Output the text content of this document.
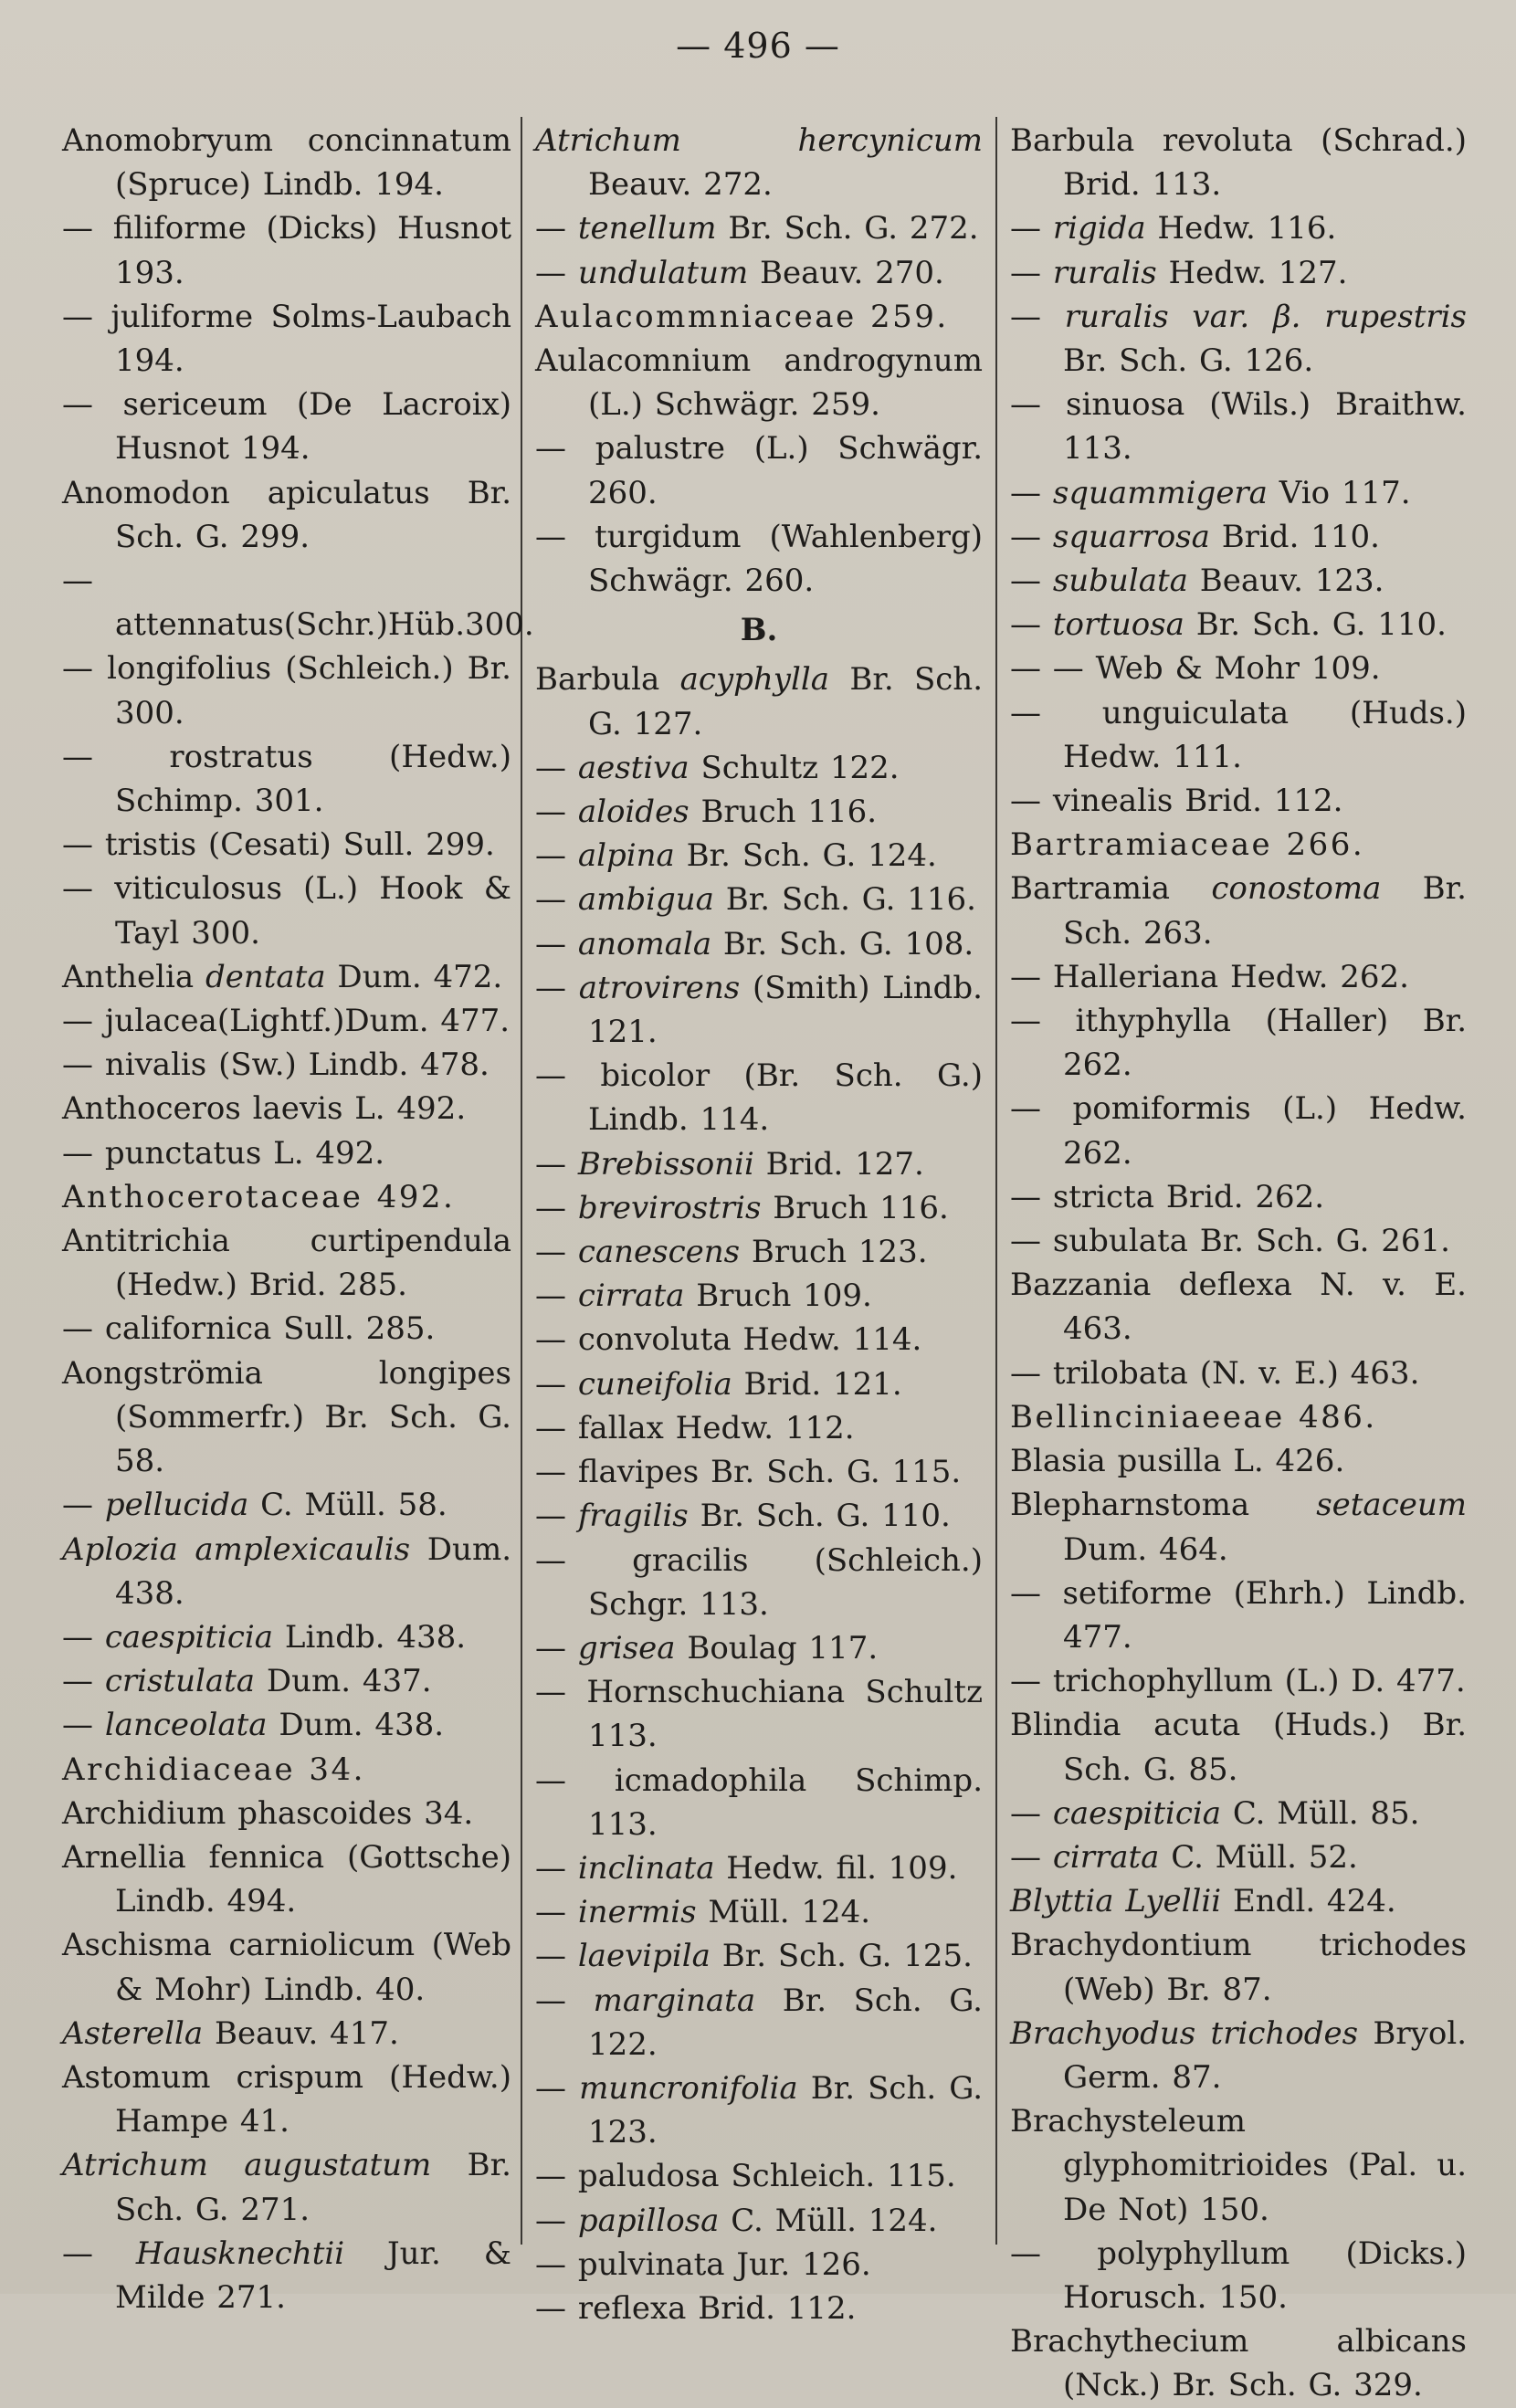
— 496 —
Anomobryum concinnatum (Spruce) Lindb. 194.
— filiforme (Dicks) Husnot 193.
— juliforme Solms-Laubach 194.
— sericeum (De Lacroix) Husnot 194.
Anomodon apiculatus Br. Sch. G. 299.
— attennatus(Schr.)Hüb.300.
— longifolius (Schleich.) Br. 300.
— rostratus (Hedw.) Schimp. 301.
— tristis (Cesati) Sull. 299.
— viticulosus (L.) Hook & Tayl 300.
Anthelia dentata Dum. 472.
— julacea(Lightf.)Dum. 477.
— nivalis (Sw.) Lindb. 478.
Anthoceros laevis L. 492.
— punctatus L. 492.
Anthocerotaceae 492.
Antitrichia curtipendula (Hedw.) Brid. 285.
— californica Sull. 285.
Aongströmia longipes (Sommerfr.) Br. Sch. G. 58.
— pellucida C. Müll. 58.
Aplozia amplexicaulis Dum. 438.
— caespiticia Lindb. 438.
— cristulata Dum. 437.
— lanceolata Dum. 438.
Archidiaceae 34.
Archidium phascoides 34.
Arnellia fennica (Gottsche) Lindb. 494.
Aschisma carniolicum (Web & Mohr) Lindb. 40.
Asterella Beauv. 417.
Astomum crispum (Hedw.) Hampe 41.
Atrichum augustatum Br. Sch. G. 271.
— Hausknechtii Jur. & Milde 271.
Atrichum hercynicum Beauv. 272.
— tenellum Br. Sch. G. 272.
— undulatum Beauv. 270.
Aulacommniaceae 259.
Aulacomnium androgynum (L.) Schwägr. 259.
— palustre (L.) Schwägr. 260.
— turgidum (Wahlenberg) Schwägr. 260.
B.
Barbula acyphylla Br. Sch. G. 127.
— aestiva Schultz 122.
— aloides Bruch 116.
— alpina Br. Sch. G. 124.
— ambigua Br. Sch. G. 116.
— anomala Br. Sch. G. 108.
— atrovirens (Smith) Lindb. 121.
— bicolor (Br. Sch. G.) Lindb. 114.
— Brebissonii Brid. 127.
— brevirostris Bruch 116.
— canescens Bruch 123.
— cirrata Bruch 109.
— convoluta Hedw. 114.
— cuneifolia Brid. 121.
— fallax Hedw. 112.
— flavipes Br. Sch. G. 115.
— fragilis Br. Sch. G. 110.
— gracilis (Schleich.) Schgr. 113.
— grisea Boulag 117.
— Hornschuchiana Schultz 113.
— icmadophila Schimp. 113.
— inclinata Hedw. fil. 109.
— inermis Müll. 124.
— laevipila Br. Sch. G. 125.
— marginata Br. Sch. G. 122.
— muncronifolia Br. Sch. G. 123.
— paludosa Schleich. 115.
— papillosa C. Müll. 124.
— pulvinata Jur. 126.
— reflexa Brid. 112.
Barbula revoluta (Schrad.) Brid. 113.
— rigida Hedw. 116.
— ruralis Hedw. 127.
— ruralis var. β. rupestris Br. Sch. G. 126.
— sinuosa (Wils.) Braithw. 113.
— squammigera Vio 117.
— squarrosa Brid. 110.
— subulata Beauv. 123.
— tortuosa Br. Sch. G. 110.
— — Web & Mohr 109.
— unguiculata (Huds.) Hedw. 111.
— vinealis Brid. 112.
Bartramiaceae 266.
Bartramia conostoma Br. Sch. 263.
— Halleriana Hedw. 262.
— ithyphylla (Haller) Br. 262.
— pomiformis (L.) Hedw. 262.
— stricta Brid. 262.
— subulata Br. Sch. G. 261.
Bazzania deflexa N. v. E. 463.
— trilobata (N. v. E.) 463.
Bellinciniaeeae 486.
Blasia pusilla L. 426.
Blepharnstoma setaceum Dum. 464.
— setiforme (Ehrh.) Lindb. 477.
— trichophyllum (L.) D. 477.
Blindia acuta (Huds.) Br. Sch. G. 85.
— caespiticia C. Müll. 85.
— cirrata C. Müll. 52.
Blyttia Lyellii Endl. 424.
Brachydontium trichodes (Web) Br. 87.
Brachyodus trichodes Bryol. Germ. 87.
Brachysteleum glyphomitrioides (Pal. u. De Not) 150.
— polyphyllum (Dicks.) Horusch. 150.
Brachythecium albicans (Nck.) Br. Sch. G. 329.
